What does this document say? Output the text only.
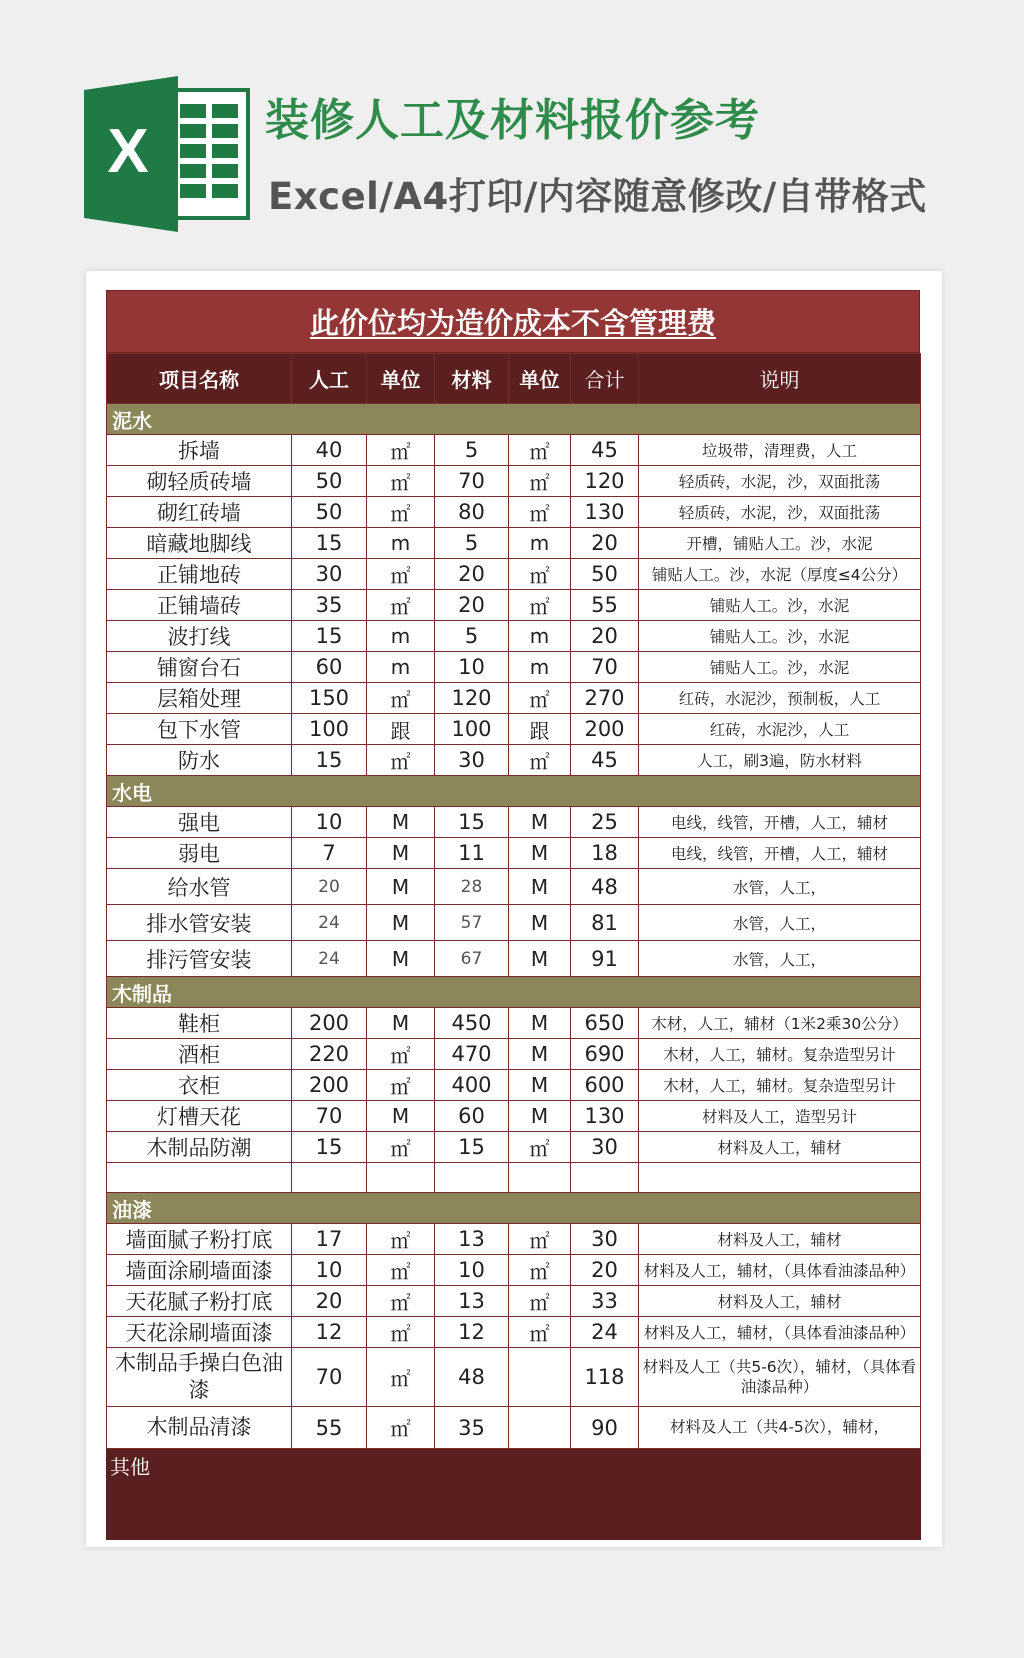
X	装修人工及材料报价参考
Excel/A4打印/内容随意修改/自带格式
此价位均为造价成本不含管理费
项目名称	人工	单位	材料	单位	合计	说明
泥水						
拆墙	40	㎡	5	㎡	45	垃圾带，清理费，人工
砌轻质砖墙	50	㎡	70	㎡	120	轻质砖，水泥，沙，双面批荡
砌红砖墙	50	㎡	80	㎡	130	轻质砖，水泥，沙，双面批荡
暗藏地脚线	15	m	5	m	20	开槽，铺贴人工。沙，水泥
正铺地砖	30	㎡	20	㎡	50	铺贴人工。沙，水泥（厚度≤4公分）
正铺墙砖	35	㎡	20	㎡	55	铺贴人工。沙，水泥
波打线	15	m	5	m	20	铺贴人工。沙，水泥
铺窗台石	60	m	10	m	70	铺贴人工。沙，水泥
层箱处理	150	㎡	120	㎡	270	红砖，水泥沙，预制板，人工
包下水管	100	跟	100	跟	200	红砖，水泥沙，人工
防水	15	㎡	30	㎡	45	人工，刷3遍，防水材料
水电						
强电	10	M	15	M	25	电线，线管，开槽，人工，辅材
弱电	7	M	11	M	18	电线，线管，开槽，人工，辅材
给水管	20	M	28	M	48	水管，人工，
排水管安装	24	M	57	M	81	水管，人工，
排污管安装	24	M	67	M	91	水管，人工，
木制品						
鞋柜	200	M	450	M	650	木材，人工，辅材（1米2乘30公分）
酒柜	220	㎡	470	M	690	木材，人工，辅材。复杂造型另计
衣柜	200	㎡	400	M	600	木材，人工，辅材。复杂造型另计
灯槽天花	70	M	60	M	130	材料及人工，造型另计
木制品防潮	15	㎡	15	㎡	30	材料及人工，辅材

油漆						
墙面腻子粉打底	17	㎡	13	㎡	30	材料及人工，辅材
墙面涂刷墙面漆	10	㎡	10	㎡	20	材料及人工，辅材，（具体看油漆品种）
天花腻子粉打底	20	㎡	13	㎡	33	材料及人工，辅材
天花涂刷墙面漆	12	㎡	12	㎡	24	材料及人工，辅材，（具体看油漆品种）
木制品手操白色油漆	70	㎡	48		118	材料及人工（共5-6次），辅材，（具体看油漆品种）
木制品清漆	55	㎡	35		90	材料及人工（共4-5次），辅材，
其他						
